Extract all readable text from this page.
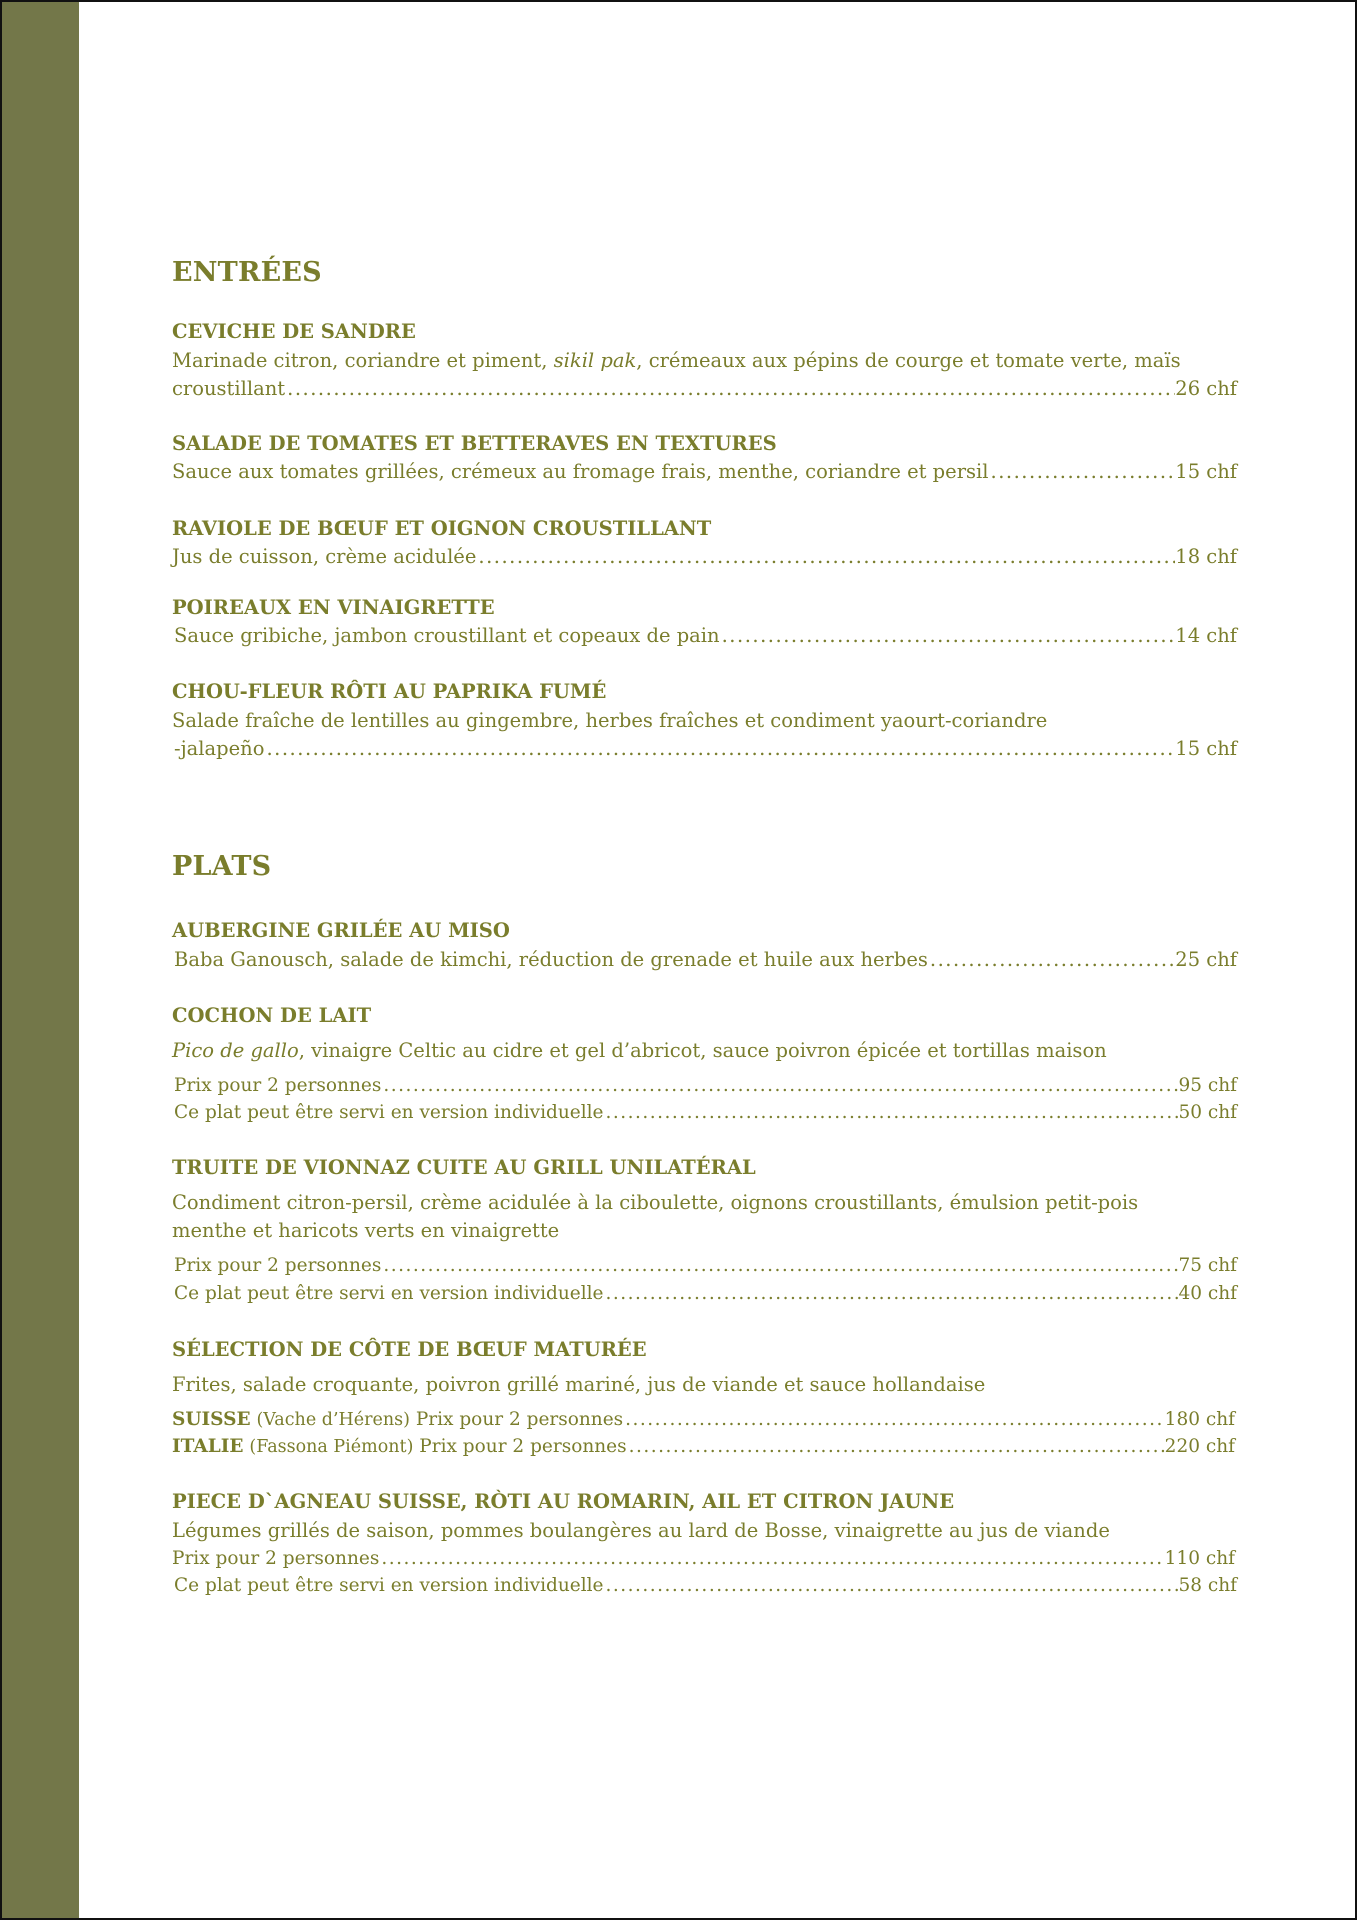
ENTRÉES
CEVICHE DE SANDRE
Marinade citron, coriandre et piment, sikil pak, crémeaux aux pépins de courge et tomate verte, maïs
croustillant .....	26 chf
SALADE DE TOMATES ET BETTERAVES EN TEXTURES
Sauce aux tomates grillées, crémeux au fromage frais, menthe, coriandre et persil .....	15 chf
RAVIOLE DE BŒUF ET OIGNON CROUSTILLANT
Jus de cuisson, crème acidulée .....	18 chf
POIREAUX EN VINAIGRETTE
Sauce gribiche, jambon croustillant et copeaux de pain .....	14 chf
CHOU-FLEUR RÔTI AU PAPRIKA FUMÉ
Salade fraîche de lentilles au gingembre, herbes fraîches et condiment yaourt-coriandre
-jalapeño .....	15 chf
PLATS
AUBERGINE GRILÉE AU MISO
Baba Ganousch, salade de kimchi, réduction de grenade et huile aux herbes .....	25 chf
COCHON DE LAIT
Pico de gallo, vinaigre Celtic au cidre et gel d’abricot, sauce poivron épicée et tortillas maison
Prix pour 2 personnes .....	95 chf
Ce plat peut être servi en version individuelle .....	50 chf
TRUITE DE VIONNAZ CUITE AU GRILL UNILATÉRAL
Condiment citron-persil, crème acidulée à la ciboulette, oignons croustillants, émulsion petit-pois
menthe et haricots verts en vinaigrette
Prix pour 2 personnes .....	75 chf
Ce plat peut être servi en version individuelle .....	40 chf
SÉLECTION DE CÔTE DE BŒUF MATURÉE
Frites, salade croquante, poivron grillé mariné, jus de viande et sauce hollandaise
SUISSE (Vache d’Hérens) Prix pour 2 personnes .....	180 chf
ITALIE (Fassona Piémont) Prix pour 2 personnes .....	220 chf
PIECE D`AGNEAU SUISSE, RÒTI AU ROMARIN, AIL ET CITRON JAUNE
Légumes grillés de saison, pommes boulangères au lard de Bosse, vinaigrette au jus de viande
Prix pour 2 personnes .....	110 chf
Ce plat peut être servi en version individuelle .....	58 chf
